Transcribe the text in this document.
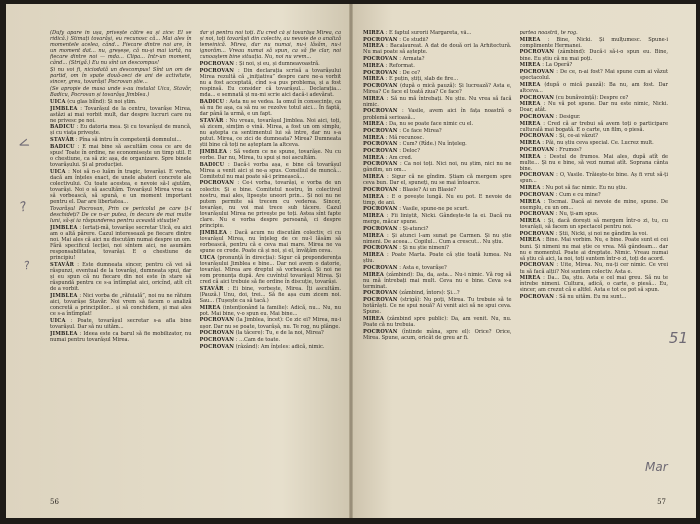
(Dufy apare în ușa, privește către ea și zice: El se ridică.) Stimați tovarăși, eu recunosc că... Mai ales în momentele acelea, când... Fiecare dintre noi are, în un moment dat... nu, greșeșe, că nu-și mai iartă, nu fiecare dintre noi — mda... Clipa... Intr-un moment, când... (Strigă.) Eu nu sînt un descompus!

Și nu voi fi, niciodată un descompus! Sînt un om de partid, om în spate două-zeci de ani de activitate, sincer, greu, tovarăși! Pocrovan știe...

(Se apropie de masa unde s-au instalat Uica, Stavăr, Badicu, Pocrovan și tovarășa Jimblea.)

UICA (cu glas blînd): Și noi știm.

JIMBLEA : Tovarășul de la centru, tovarășe Mirea, astăzi ai mai vorbit mult, dar despre lucruri care nu ne privesc pe noi.

BADICU : Eu datoria mea. Și cu tovarășul de muncă, și cu viața privește.

STAVĂR : Pîna să intru în competență domnului...

BADICU : E mai bine să ascultăm ceea ce are de spus! Toate în ordine, ne economisește un timp util. E o chestiune, ca să zic așa, de organizare. Spre binele tovarășului. Și al producției.

UICA : Noi să n-o luăm în tragic, tovarăși. E vorba, dacă am înțeles exact, de unele abateri concrete ale colectivului. Cu toate acestea, e nevoie să-l ajutăm, tovarăși. Noi o să ascultăm. Tovarășul Mirea vrea ca să vorbească, să spună, e un moment important pentru el. Dar are libertatea...

Tovarășul Pocrovan, Prin ce pericolul pe care ți-l deschideți? De ce n-ar putea, în decurs de mai multe luni, să-și ia răspunderea pentru această situație?

JIMBLEA : Iertați-mă, tovarășe secretar Uică, eu aici am o altă părere. Cazul interesează pe fiecare dintre noi. Mai ales că aici nu discutăm numai despre un om. Fără specificul lecției, noi sîntem aici, ne asumăm responsabilitatea, tovarăși. E o chestiune de principiu!

STAVĂR : Este dumneata sincer, pentru că vei să răspunzi, eventual de la tovarăși, dumneata spui, dar și eu spun că nu fiecare din noi este în stare să răspundă pentru ce s-a întîmplat aici, oricînd, atît cît de a vorbit.

JIMBLEA : Nici vorba de „răfuială”, noi nu ne răfuim aici, tovarășe Stavăr. Noi vrem să facem o analiză concretă a principiilor... și să conchidem, și mai ales ce s-a întîmplat!

UICA : Poate, tovarășul secretar s-a afla bine tovarășul. Dar să nu uităm...

JIMBLEA : Ideea este ca barul să fie mobilizator, nu numai pentru tovarășul Mirea.

dar și pentru noi toți. Eu cred că și tovarășa Mirea, ca și noi, toți tovarășii din colectiv, au nevoie de o analiză temeinică. Mirea, dar nu numai, nu-i lăsăm, nu-i ignorăm... Vreau numai să spun, ca să fie clar, noi cunoaștem bine situația. Nu, noi nu vrem...

POCROVAN : Și noi, și eu, și dumneavoastră.

POCROVAN : Din declarația scrisă a tovarășului Mirea rezultă că „inițiativa” despre care ne-a vorbit nu a fost acceptată, cînd s-a pus problema, și a fost respinsă. Eu consider că tovarășul... Declarația... mda... e semnată și nu-mi scrie aici dacă-i adevărat.

BADICU : Asta nu se vedea. Ia omul în consecințe, ca să nu fie așa, ca să nu se rezolve totul aici... În faptă, dar până la urmă, e un fapt.

STAVĂR : Nu vreau, tovarășul Jimblea. Noi aici, toți, să zicem, simțim o vină. Mirea, a fost un om simplu, nu aștepta ca sentimentul lui să intre, dar nu s-a putut. Mirea, ce zici de dumneata? Mirea? Dumneata știi bine că toți ne așteptam la altceva.

JIMBLEA : Să vedem ce ne spune, tovarășe. Nu cu vorbe. Dar nu, Mirea, tu spui și noi ascultăm.

BADICU : Dacă-i vorba așa, e bine că tovarășul Mirea a venit aici și ne-a spus. Consiliul de muncă... Comitetul nu mai poate să-i primească...

POCROVAN : Ce-i vorba, tovarăși, e vorba de un colectiv. Și e bine. Comitetul nostru, în colectivul nostru, mai ales, lipsește uneori prin... Și noi nu ne putem permite să trecem cu vederea. Sincer, tovarășe, nu voi mai trece sub tăcere. Cazul tovarășului Mirea ne privește pe toți. Astea sînt fapte clare. Nu e vorba despre persoană, ci despre principiu.

JIMBLEA : Dacă acum nu discutăm colectiv, ci cu tovarășul Mirea, nu înțeleg de ce nu-l lăsăm să vorbească, pentru că e ceva mai mare. Mirea ne va spune ce crede. Poate că și noi, și el, învățăm ceva.

UICA (pronunță în direcția): Sigur că preponderența tovarășului Jimblea e bine... Dar noi avem o datorie, tovarăși. Mirea are dreptul să vorbească. Și noi ne vom pronunța după. Are cuvîntul tovarășul Mirea. Și cred că aici trebuie să fie ordine în discuție, tovarăși.

STAVĂR : Ei bine, vorbește, Mirea. Îți ascultăm. (Pauză.) Unu, doi, trei... Să fie așa cum zicem noi. Sau... (Tușește ca să tacă.)

MIREA (intenționând la familie): Adică, nu... Nu, nu pot. Mai bine, v-o spun eu. Mai bine...

POCROVAN (la Jimblea, încet): Ce zic ei? Mirea, nu-i ușor. Dar nu se poate, tovarășă, nu. Te rog, nu plânge.

POCROVAN (la tăcere): Tu, e de la noi, Mirea?

POCROVAN : ...Cam de toate.

POCROVAN (râzând): Am înțeles: adică, nimic.

56
<
?
?

MIREA : E faptul surorii Margareta, vă...

POCROVAN : Ce studii?

MIREA : Bacalaureat. A dat de două ori la Arhitectură. Nu mai poate să aștepte.

POCROVAN : Armata?

MIREA : Reformat.

POCROVAN : De ce?

MIREA : E puțin, știți, slab de fire...

POCROVAN (după o mică pauză): Și lucrează? Asta e, Mirea? Ce face el toată ziua? Ce face?

MIREA : Să nu mă întrebați. Nu știu. Nu vrea să facă nimic.

POCROVAN : Vasile, avem aici în fața noastră o problemă serioasă...

MIREA : Da, nu se poate face nimic cu el.

POCROVAN : Ce face Mirea?

MIREA : Mă recunosc.

POCROVAN : Cum? (Rîde.) Nu înțeleg.

POCROVAN : Deloc?

MIREA : Am cred.

POCROVAN : Ca noi toți. Nici noi, nu știm, nici nu ne gândim, un om...

MIREA : Sigur că ne gîndim. Știam că mergem spre ceva bun. Dar el, spuneți, nu se mai întoarce.

POCROVAN : Blasie? Ai un Blasie?

MIREA : E o povește lungă. Nu eu pot. E nevoie de timp, de ani.

POCROVAN : Vasile, spune-ne pe scurt.

MIREA : Fii liniștit, Nicki. Gândește-te la ei. Dacă nu merge, măcar spune.

POCROVAN : Și-atunci?

MIREA : Și atunci l-am sunat pe Carmen. Și nu știe nimeni. De aceea... Copilul... Cum a crescut... Nu știu.

POCROVAN : Și nu știe nimeni?

MIREA : Poate Marta. Poate că știe toată lumea. Nu știu.

POCROVAN : Asta e, tovarășe?

MIREA (zâmbind): Da, da, asta... Nu-i nimic. Vă rog să nu mă întrebați mai mult. Ceva nu e bine. Ceva s-a terminat.

POCROVAN (zâmbind, întors): Și...?

POCROVAN (strigă): Nu poți, Mirea. Tu trebuie să te hotărăști. Ce ne spui nouă? Ai venit aici să ne spui ceva. Spune.

MIREA (zâmbind spre public): Da, am venit. Nu, nu. Poate că nu trebuia.

POCROVAN (întinde mâna, spre el): Orice? Orice, Mirea. Spune, acum, oricât de greu ar fi.

partea noastră, te rog.

MIREA : Bine, Nicki. Și mulțumesc. Spune-i complimente Hermanei.

POCROVAN (zâmbind): Ducă-i să-i-o spun eu. Bine, bine. Eu știu că nu mai poți.

MIREA : La Operă?

POCROVAN : De ce, n-ai fost? Mai spune cum ai văzut spectacolul.

MIREA (după o mică pauză): Ba nu, am fost. Dar altceva...

POCROVAN (cu bunăvoință): Despre ce?

MIREA : Nu vă pot spune. Dar nu este nimic, Nicki. Doar, atât.

POCROVAN : Desigur.

MIREA : Cred că ar trebui să avem toți o participare culturală mai bogată. E o carte, un film, o piesă.

POCROVAN : Și, ce-ai văzut?

MIREA : Păi, nu știu ceva special. Ce. Lucrez mult.

POCROVAN : Frumos?

MIREA : Destul de frumos. Mai ales, după atît de multe... Și nu e bine, să vezi numai atît. Soprana cânta bine.

POCROVAN : O, Vasile. Trăiește-te bine. Aș fi vrut să-ți spun...

MIREA : Nu pot să fac nimic. Eu nu știu.

POCROVAN : Cum e cu mine?

MIREA : Tocmai. Dacă ai nevoie de mine, spune. De exemplu, cu un om...

POCROVAN : Nu, ți-am spus.

MIREA : Și, dacă dorești să mergem într-o zi, tu, cu tovarășii, să facem un spectacol pentru noi.

POCROVAN : Știi, Nicki, și noi ne gândim la voi.

MIREA : Bine. Mai vorbim. Nu, e bine. Poate sunt ei cei buni. Și nimeni nu mai știe ce vrea. Mă gândeam... dar nu e momentul. Poate ai dreptate. Nimic. Vreau numai să știu că aici, la noi, toți suntem într-o zi, toți de acord.

POCROVAN : Uite, Mirea. Nu, nu-ți cer nimic. Ce vrei tu să facă alții? Noi suntem colectiv. Asta e.

MIREA : Da... Da, știu. Asta e cel mai greu. Să nu te întrebe nimeni. Cultura, adică, o carte, o piesă... Eu, sincer, am crezut că e altfel. Asta e tot ce pot să spun.

POCROVAN : Să nu uităm. Eu nu sunt...

57
51
Mar
